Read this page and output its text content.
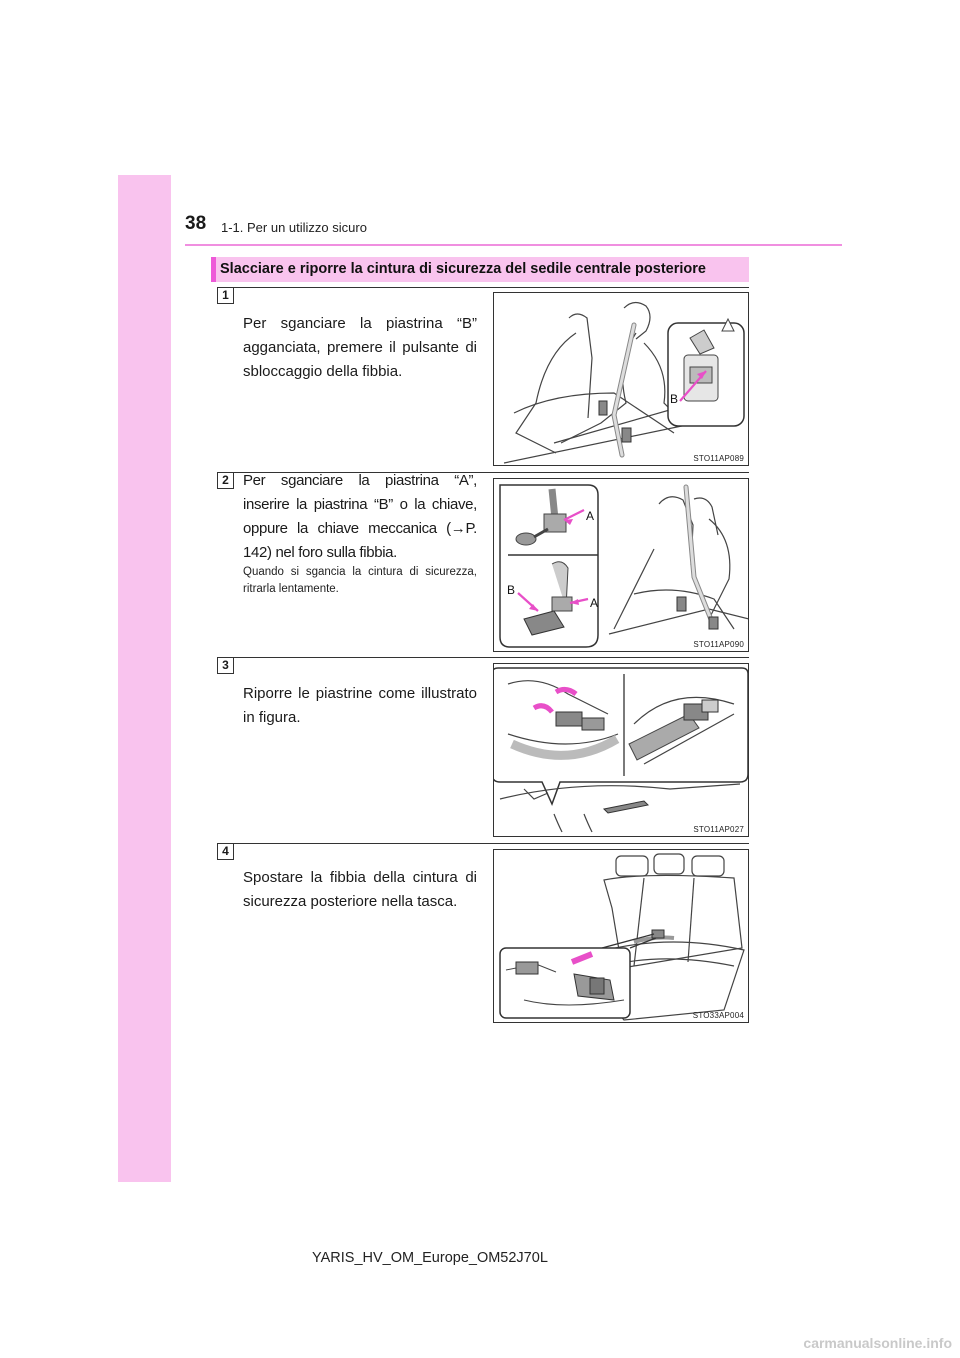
38 1-1. Per un utilizzo sicuro
Slacciare e riporre la cintura di sicurezza del sedile centrale posteriore
1
Per sganciare la piastrina “B” agganciata, premere il pulsante di sbloccaggio della fibbia.
B
STO11AP089
2 Per sganciare la piastrina “A”, inserire la piastrina “B” o la chiave, oppure la chiave meccanica (→P. 142) nel foro sulla fibbia.
Quando si sgancia la cintura di sicurezza, ritrarla lentamente.
A
B
A
STO11AP090
3
Riporre le piastrine come illustrato in figura.
STO11AP027
4
Spostare la fibbia della cintura di sicurezza posteriore nella tasca.
STO33AP004
YARIS_HV_OM_Europe_OM52J70L
carmanualsonline.info
